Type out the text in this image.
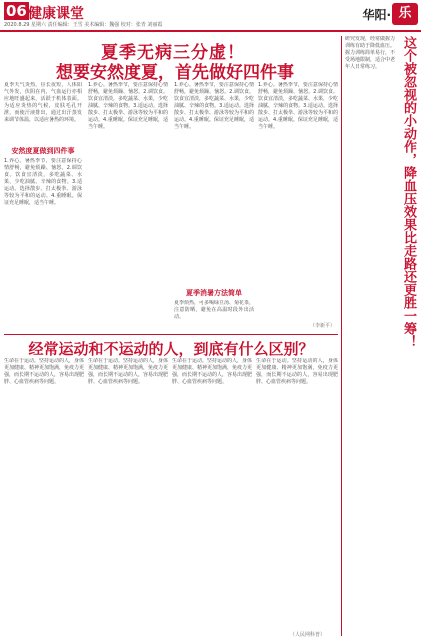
06 健康课堂
2020.8.29 星期六 责任编辑：王雪 美术编辑：魏强 校对：张青 刘丽霞
华阳· 乐
夏季无病三分虚！
想要安然度夏，首先做好四件事
夏季天气炎热，昼长夜短，人体阳气外发，伏阴在内，气血运行亦相应地旺盛起来，活跃于机体表面。为适应炎热的气候，皮肤毛孔开泄，而使汗液排出，通过出汗蒸发来调节体温，以适应暑热的环境。
安然度夏做到四件事
1.养心。暑热季节，要注意保持心情舒畅，避免烦躁、恼怒。2.调饮食。饮食宜清淡，多吃蔬菜、水果，少吃油腻、辛辣的食物。3.适运动。选择散步、打太极拳、游泳等较为平和的运动。4.重睡眠。保证充足睡眠，适当午睡。
1.养心。暑热季节，要注意保持心情舒畅，避免烦躁、恼怒。2.调饮食。饮食宜清淡，多吃蔬菜、水果，少吃油腻、辛辣的食物。3.适运动。选择散步、打太极拳、游泳等较为平和的运动。4.重睡眠。保证充足睡眠，适当午睡。
1.养心。暑热季节，要注意保持心情舒畅，避免烦躁、恼怒。2.调饮食。饮食宜清淡，多吃蔬菜、水果，少吃油腻、辛辣的食物。3.适运动。选择散步、打太极拳、游泳等较为平和的运动。4.重睡眠。保证充足睡眠，适当午睡。
夏季消暑方法简单
夏季烦热，可多喝绿豆汤、菊花茶，注意防晒，避免在高温时段外出活动。
1.养心。暑热季节，要注意保持心情舒畅，避免烦躁、恼怒。2.调饮食。饮食宜清淡，多吃蔬菜、水果，少吃油腻、辛辣的食物。3.适运动。选择散步、打太极拳、游泳等较为平和的运动。4.重睡眠。保证充足睡眠，适当午睡。
（李新平）
经常运动和不运动的人，到底有什么区别？
生命在于运动。坚持运动的人，身体更加健康、精神更加饱满，免疫力更强，而长期不运动的人，容易出现肥胖、心血管疾病等问题。
生命在于运动。坚持运动的人，身体更加健康、精神更加饱满，免疫力更强，而长期不运动的人，容易出现肥胖、心血管疾病等问题。
生命在于运动。坚持运动的人，身体更加健康、精神更加饱满，免疫力更强，而长期不运动的人，容易出现肥胖、心血管疾病等问题。
生命在于运动。坚持运动的人，身体更加健康、精神更加饱满，免疫力更强，而长期不运动的人，容易出现肥胖、心血管疾病等问题。
（人民网科普）
研究发现，经常做握力训练有助于降低血压。握力训练简单易行，不受场地限制，适合中老年人日常练习。	这个被忽视的小动作，降血压效果比走路还更胜一筹！
